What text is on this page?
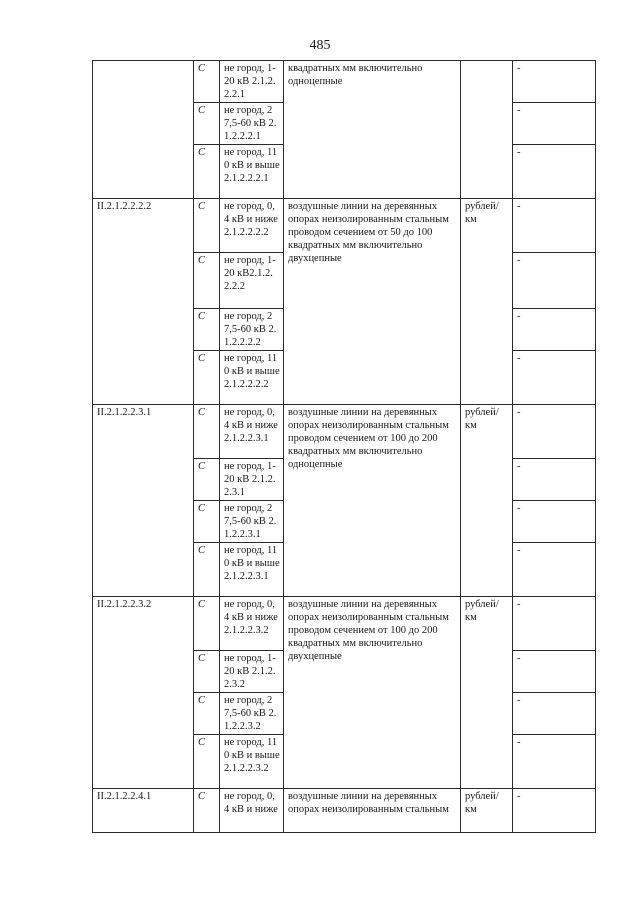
485
	C	не город, 1-20 кВ 2.1.2.2.2.1	квадратных мм включительно одноцепные		-
	C	не город, 27,5-60 кВ 2.1.2.2.2.1			-
	C	не город, 110 кВ и выше 2.1.2.2.2.1			-
II.2.1.2.2.2.2	C	не город, 0,4 кВ и ниже 2.1.2.2.2.2	воздушные линии на деревянных опорах неизолированным стальным проводом сечением от 50 до 100 квадратных мм включительно двухцепные	рублей/ км	-
	C	не город, 1-20 кВ2.1.2.2.2.2			-
	C	не город, 27,5-60 кВ 2.1.2.2.2.2			-
	C	не город, 110 кВ и выше 2.1.2.2.2.2			-
II.2.1.2.2.3.1	C	не город, 0,4 кВ и ниже 2.1.2.2.3.1	воздушные линии на деревянных опорах неизолированным стальным проводом сечением от 100 до 200 квадратных мм включительно одноцепные	рублей/ км	-
	C	не город, 1-20 кВ 2.1.2.2.3.1			-
	C	не город, 27,5-60 кВ 2.1.2.2.3.1			-
	C	не город, 110 кВ и выше 2.1.2.2.3.1			-
II.2.1.2.2.3.2	C	не город, 0,4 кВ и ниже 2.1.2.2.3.2	воздушные линии на деревянных опорах неизолированным стальным проводом сечением от 100 до 200 квадратных мм включительно двухцепные	рублей/ км	-
	C	не город, 1-20 кВ 2.1.2.2.3.2			-
	C	не город, 27,5-60 кВ 2.1.2.2.3.2			-
	C	не город, 110 кВ и выше 2.1.2.2.3.2			-
II.2.1.2.2.4.1	C	не город, 0,4 кВ и ниже	воздушные линии на деревянных опорах неизолированным стальным	рублей/ км	-
